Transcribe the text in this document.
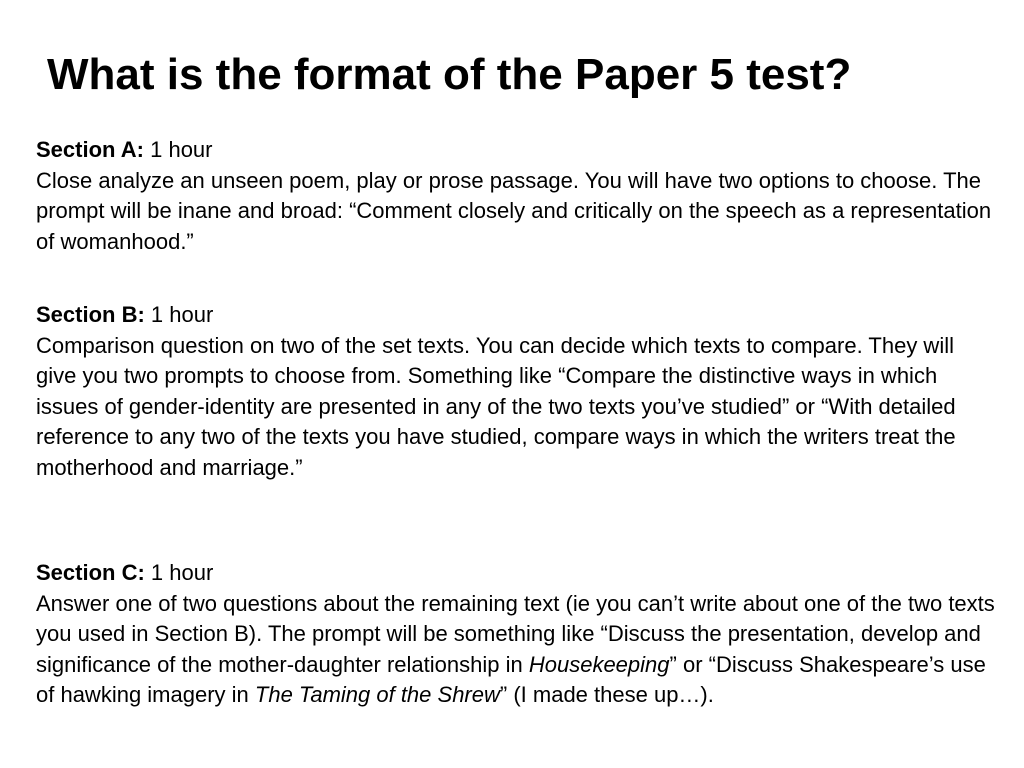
What is the format of the Paper 5 test?

Section A: 1 hour

Close analyze an unseen poem, play or prose passage. You will have two options to choose. The prompt will be inane and broad: “Comment closely and critically on the speech as a representation of womanhood.”

Section B: 1 hour

Comparison question on two of the set texts. You can decide which texts to compare. They will give you two prompts to choose from. Something like “Compare the distinctive ways in which issues of gender-identity are presented in any of the two texts you’ve studied” or “With detailed reference to any two of the texts you have studied, compare ways in which the writers treat the motherhood and marriage.”

Section C: 1 hour

Answer one of two questions about the remaining text (ie you can’t write about one of the two texts you used in Section B). The prompt will be something like “Discuss the presentation, develop and significance of the mother-daughter relationship in Housekeeping” or “Discuss Shakespeare’s use of hawking imagery in The Taming of the Shrew” (I made these up…).
